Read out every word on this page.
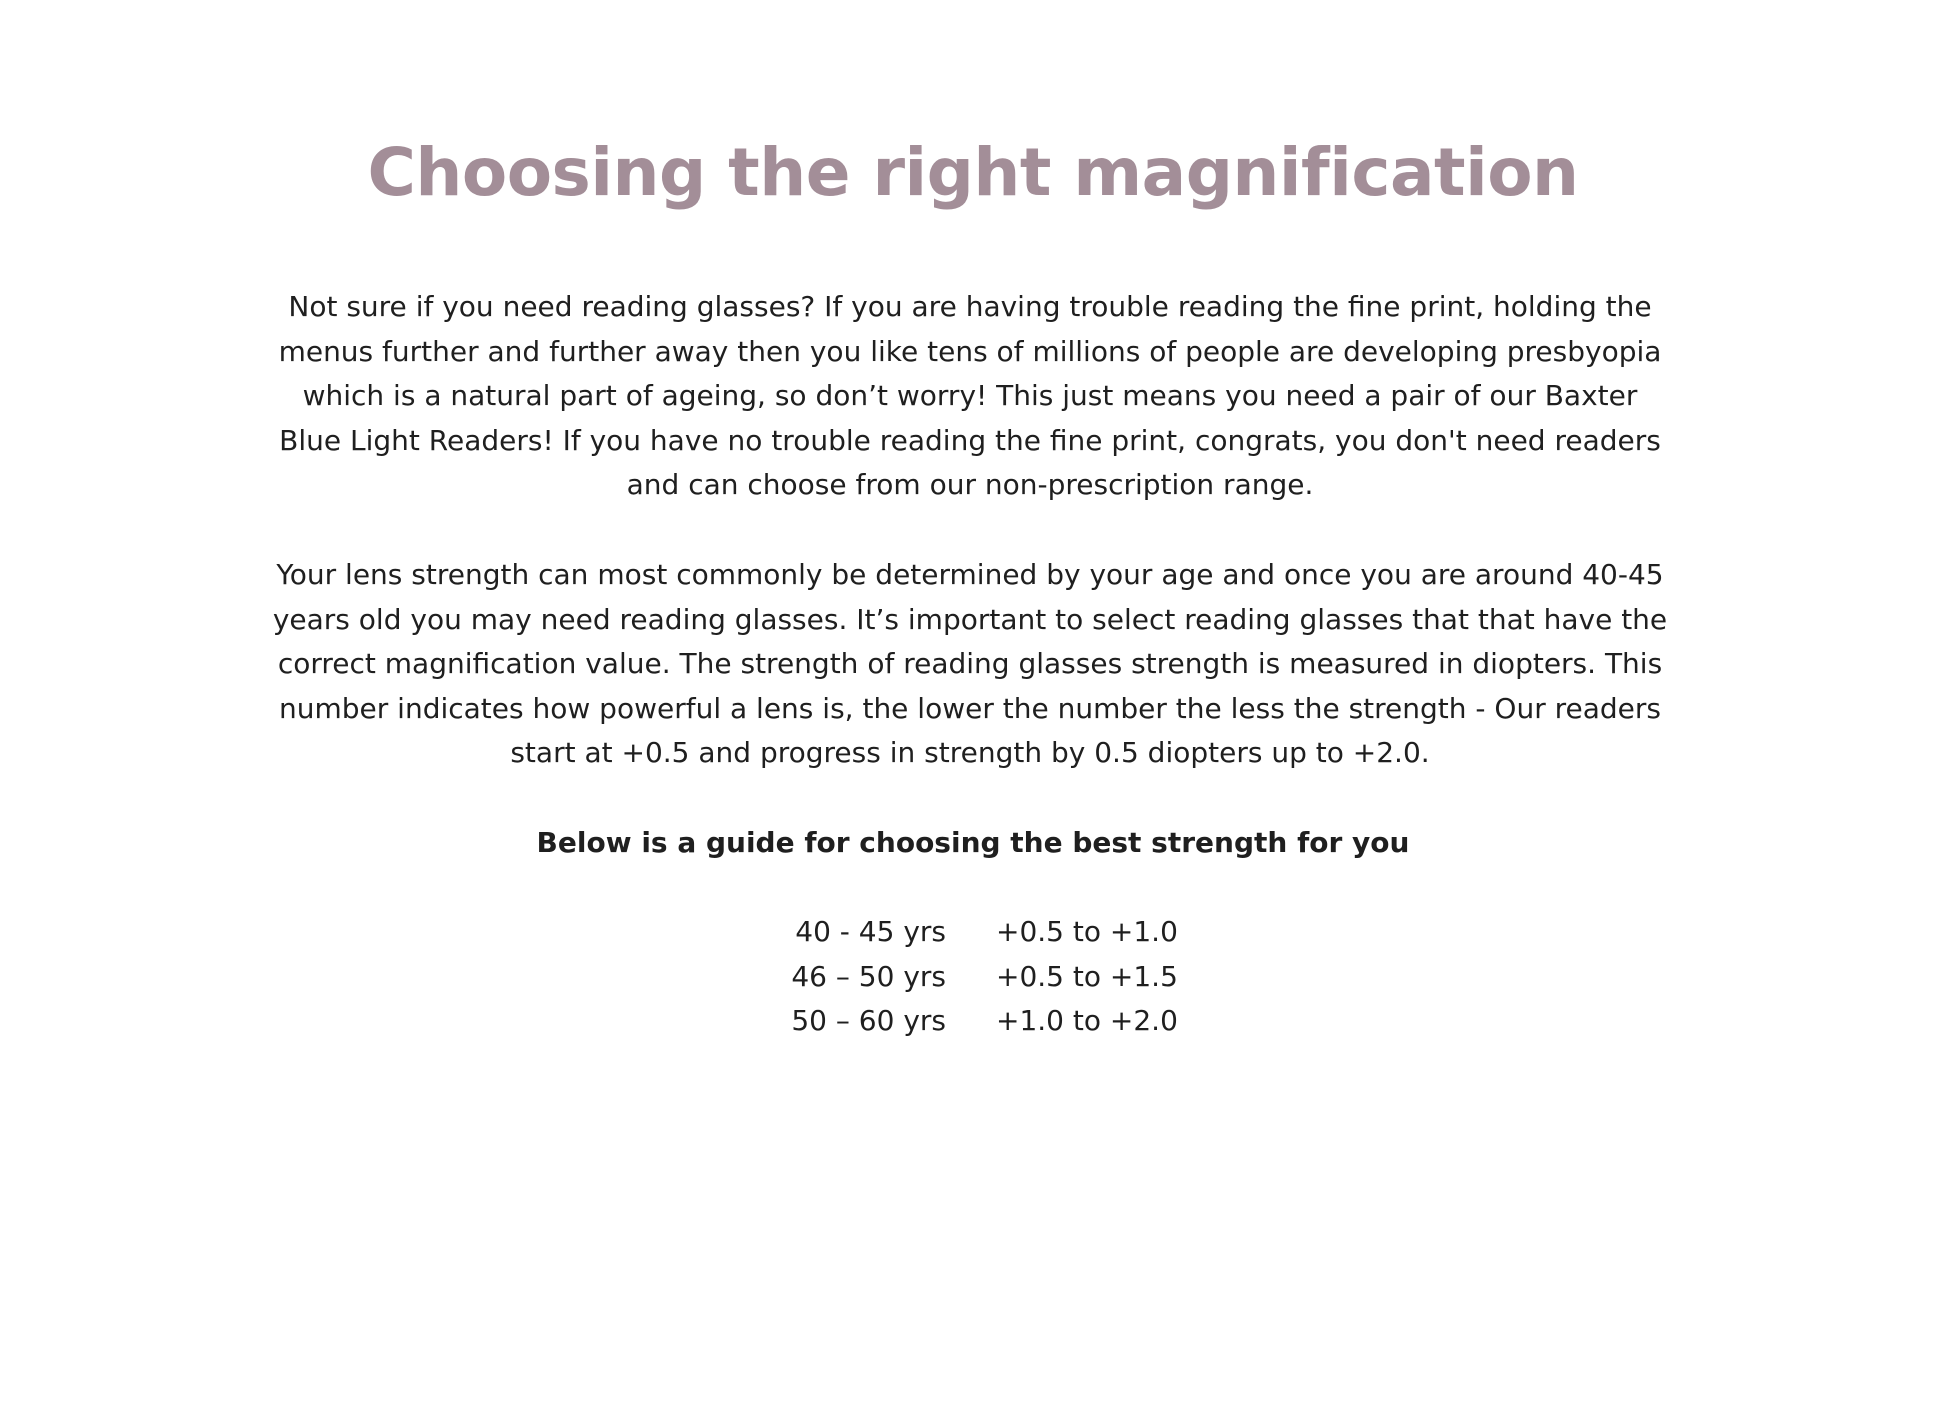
Choosing the right magnification

Not sure if you need reading glasses? If you are having trouble reading the fine print, holding the menus further and further away then you like tens of millions of people are developing presbyopia which is a natural part of ageing, so don’t worry! This just means you need a pair of our Baxter Blue Light Readers! If you have no trouble reading the fine print, congrats, you don't need readers and can choose from our non-prescription range.

Your lens strength can most commonly be determined by your age and once you are around 40-45 years old you may need reading glasses. It’s important to select reading glasses that that have the correct magnification value. The strength of reading glasses strength is measured in diopters. This number indicates how powerful a lens is, the lower the number the less the strength - Our readers start at +0.5 and progress in strength by 0.5 diopters up to +2.0.

Below is a guide for choosing the best strength for you

40 - 45 yrs +0.5 to +1.0
46 – 50 yrs +0.5 to +1.5
50 – 60 yrs +1.0 to +2.0
